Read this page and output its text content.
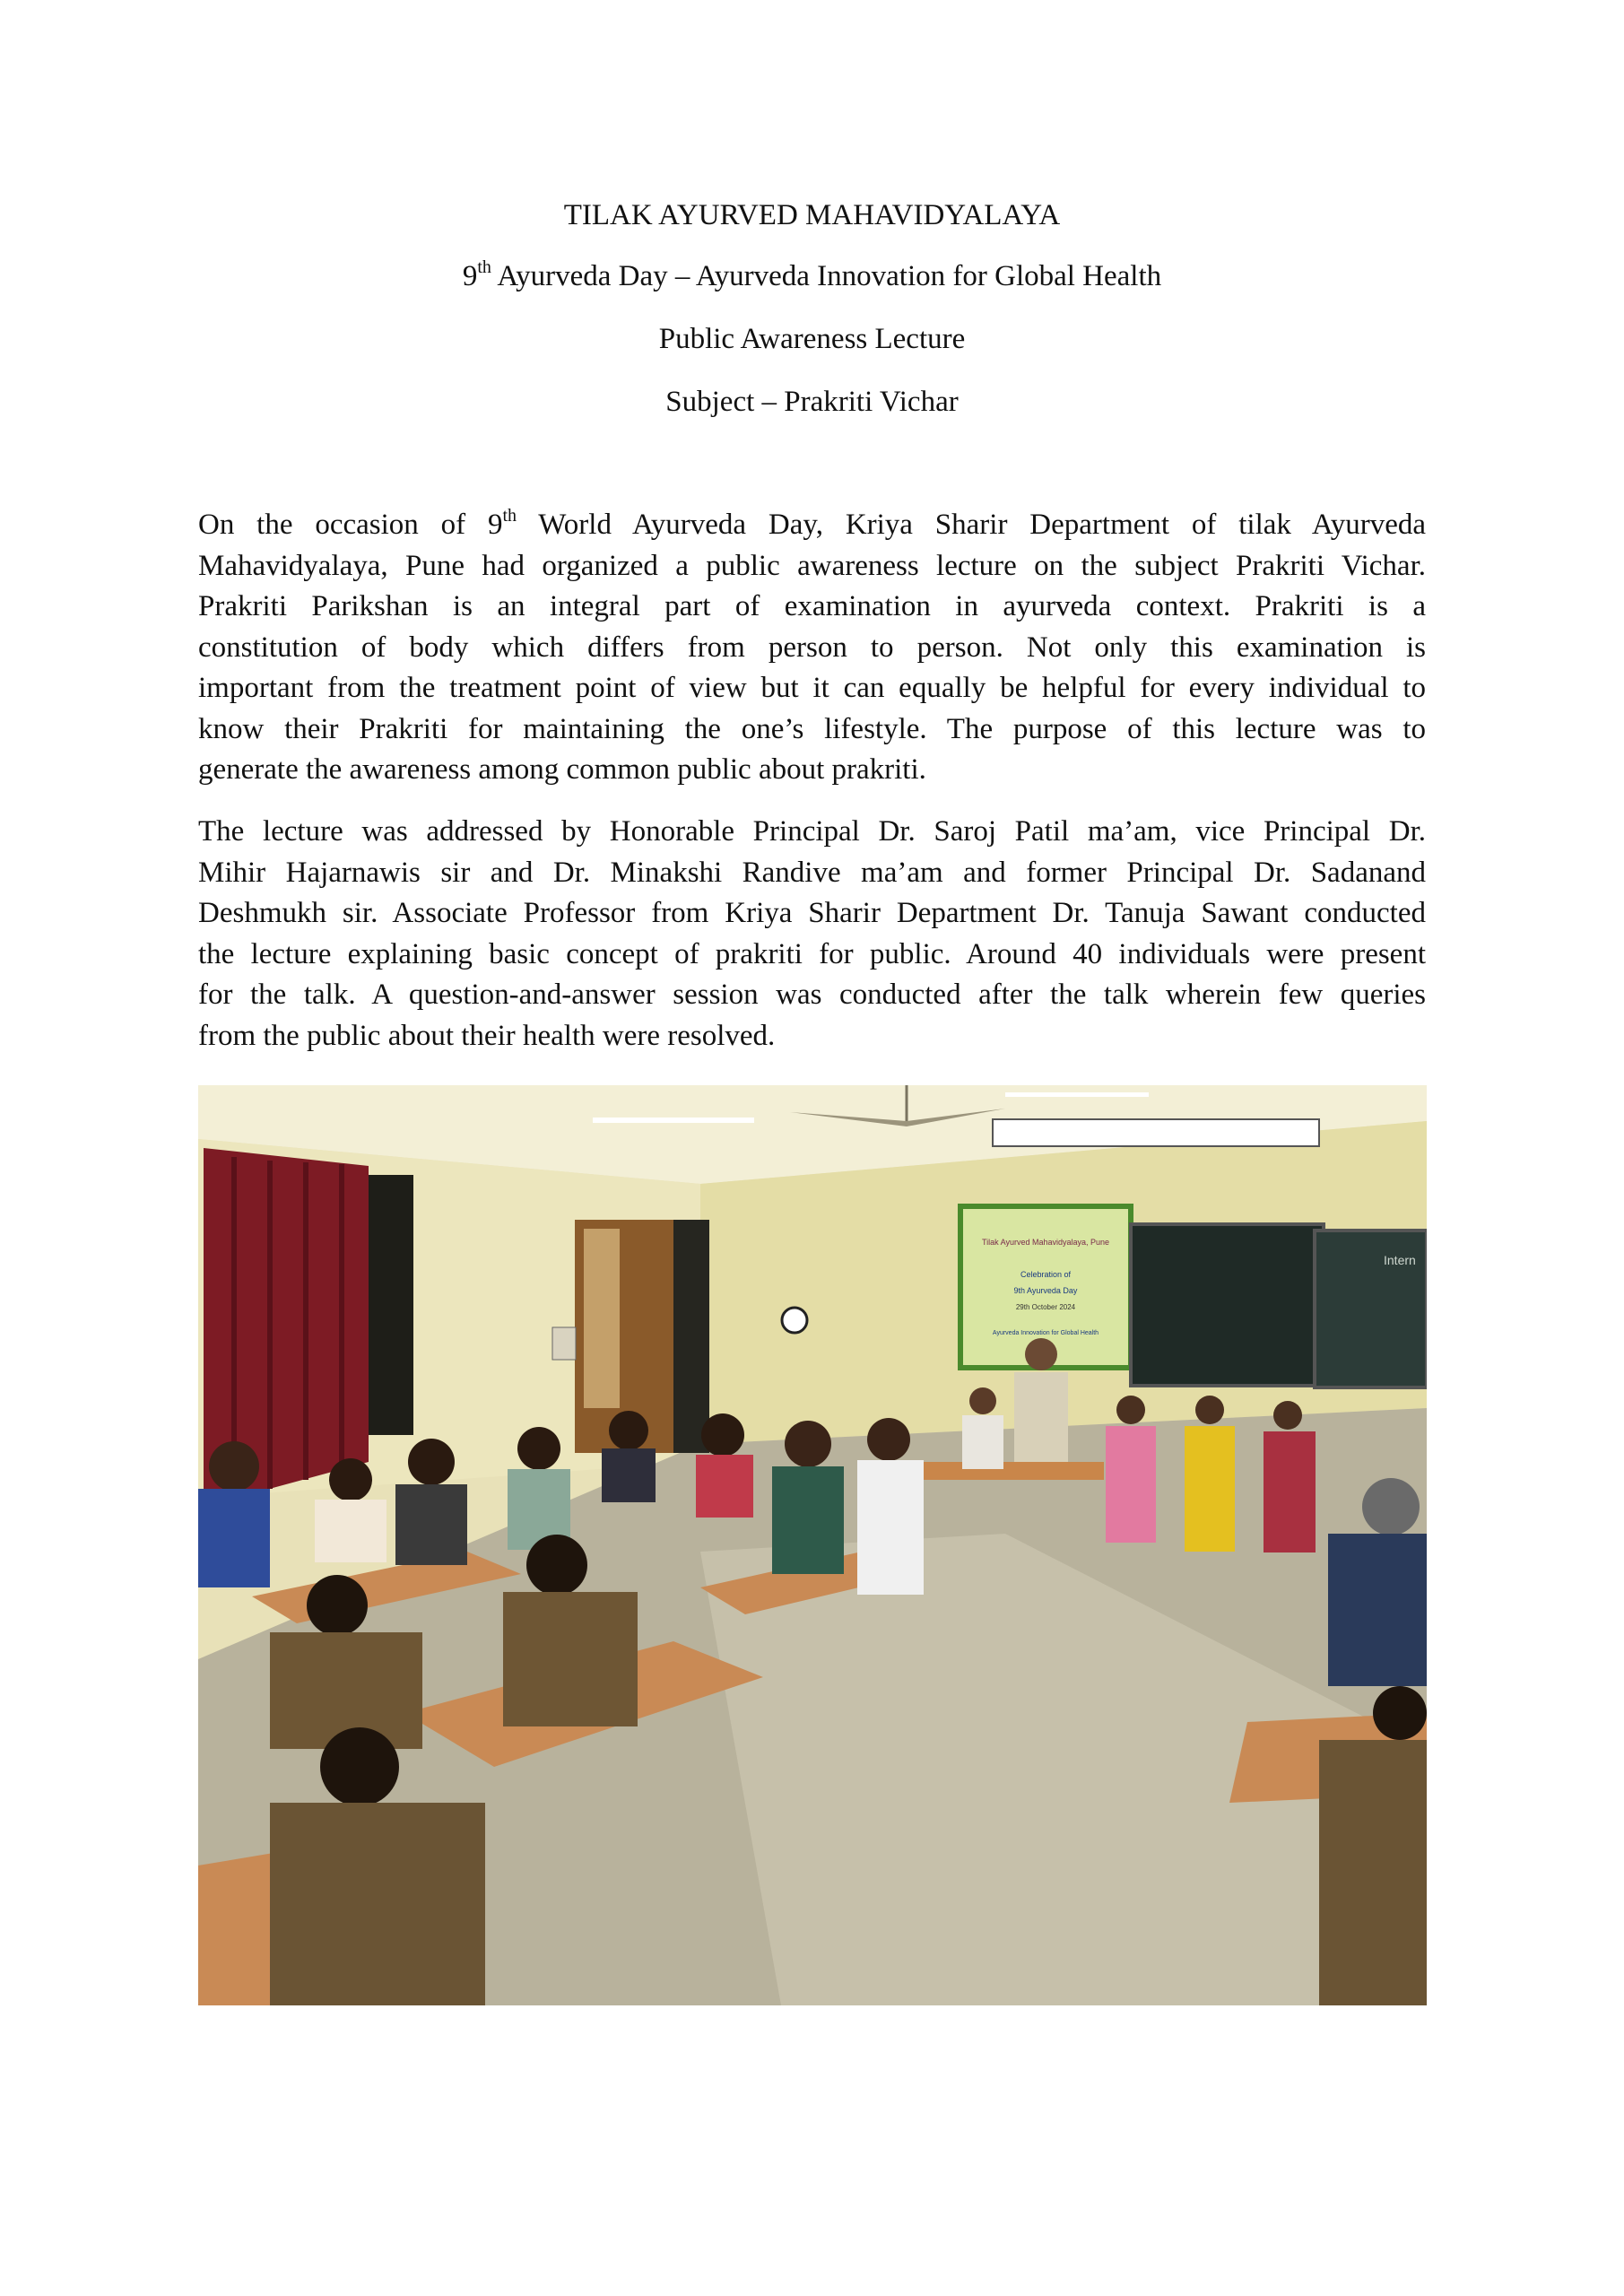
TILAK AYURVED MAHAVIDYALAYA
9th Ayurveda Day – Ayurveda Innovation for Global Health
Public Awareness Lecture
Subject – Prakriti Vichar
On the occasion of 9th World Ayurveda Day, Kriya Sharir Department of tilak Ayurveda
Mahavidyalaya, Pune had organized a public awareness lecture on the subject Prakriti Vichar.
Prakriti Parikshan is an integral part of examination in ayurveda context. Prakriti is a
constitution of body which differs from person to person. Not only this examination is
important from the treatment point of view but it can equally be helpful for every individual to
know their Prakriti for maintaining the one’s lifestyle. The purpose of this lecture was to
generate the awareness among common public about prakriti.
The lecture was addressed by Honorable Principal Dr. Saroj Patil ma’am, vice Principal Dr.
Mihir Hajarnawis sir and Dr. Minakshi Randive ma’am and former Principal Dr. Sadanand
Deshmukh sir. Associate Professor from Kriya Sharir Department Dr. Tanuja Sawant conducted
the lecture explaining basic concept of prakriti for public. Around 40 individuals were present
for the talk. A question-and-answer session was conducted after the talk wherein few queries
from the public about their health were resolved.
Tilak Ayurved Mahavidyalaya, Pune
Celebration of
9th Ayurveda Day
29th October 2024
Ayurveda Innovation for Global Health
Intern
